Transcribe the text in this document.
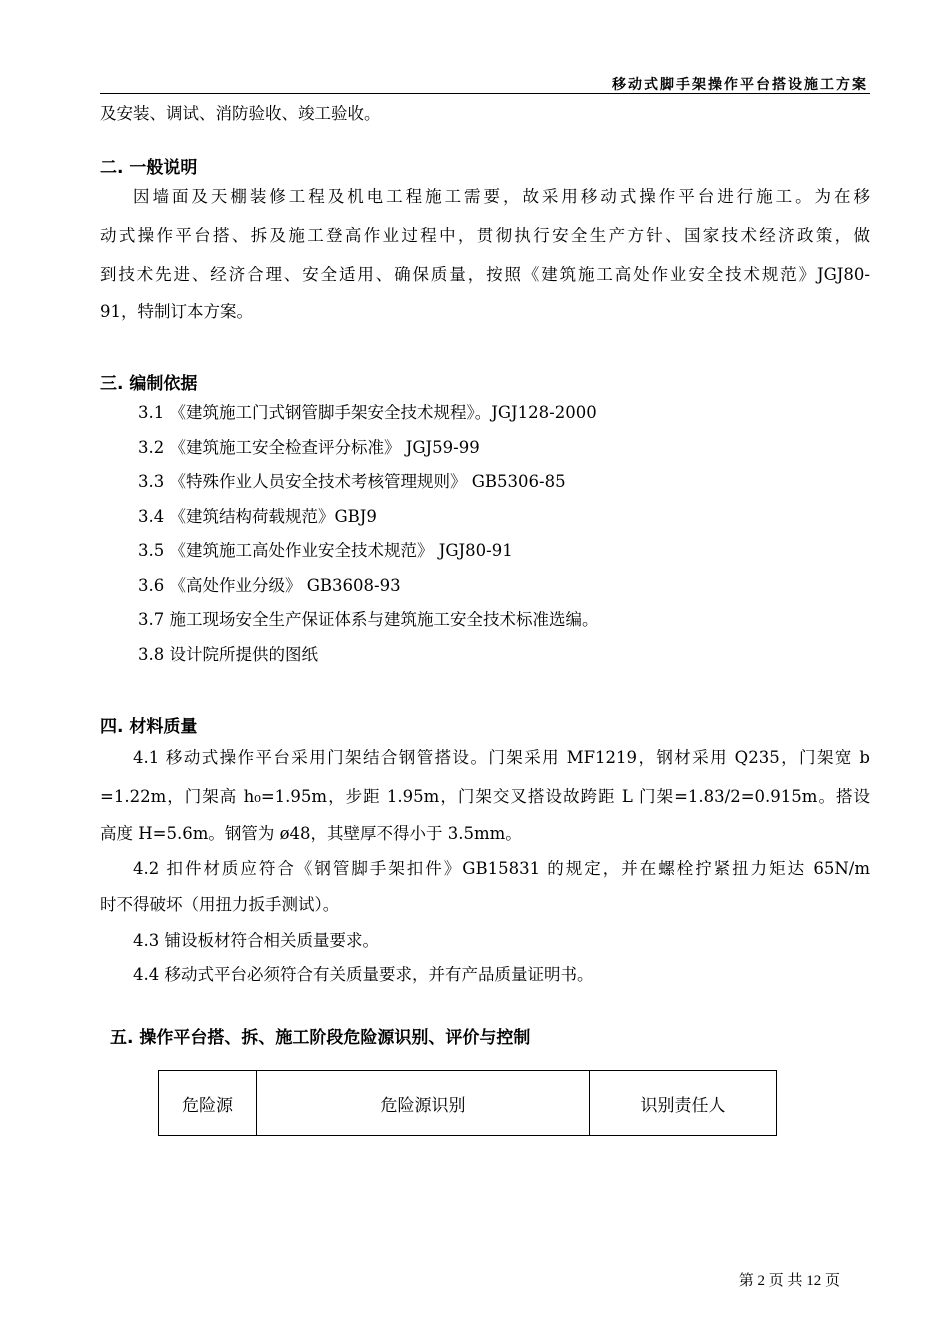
移动式脚手架操作平台搭设施工方案
及安装、调试、消防验收、竣工验收。
二. 一般说明
因墙面及天棚装修工程及机电工程施工需要，故采用移动式操作平台进行施工。为在移
动式操作平台搭、拆及施工登高作业过程中，贯彻执行安全生产方针、国家技术经济政策，做
到技术先进、经济合理、安全适用、确保质量，按照《建筑施工高处作业安全技术规范》JGJ80-
91，特制订本方案。
三. 编制依据
3.1 《建筑施工门式钢管脚手架安全技术规程》。JGJ128-2000
3.2 《建筑施工安全检查评分标准》 JGJ59-99
3.3 《特殊作业人员安全技术考核管理规则》 GB5306-85
3.4 《建筑结构荷载规范》GBJ9
3.5 《建筑施工高处作业安全技术规范》 JGJ80-91
3.6 《高处作业分级》 GB3608-93
3.7 施工现场安全生产保证体系与建筑施工安全技术标准选编。
3.8 设计院所提供的图纸
四. 材料质量
4.1 移动式操作平台采用门架结合钢管搭设。门架采用 MF1219，钢材采用 Q235，门架宽 b
=1.22m，门架高 h₀=1.95m，步距 1.95m，门架交叉搭设故跨距 L 门架=1.83/2=0.915m。搭设
高度 H=5.6m。钢管为 ø48，其壁厚不得小于 3.5mm。
4.2 扣件材质应符合《钢管脚手架扣件》GB15831 的规定，并在螺栓拧紧扭力矩达 65N/m
时不得破坏（用扭力扳手测试）。
4.3 铺设板材符合相关质量要求。
4.4 移动式平台必须符合有关质量要求，并有产品质量证明书。
五. 操作平台搭、拆、施工阶段危险源识别、评价与控制
危险源	危险源识别	识别责任人
第 2 页 共 12 页
